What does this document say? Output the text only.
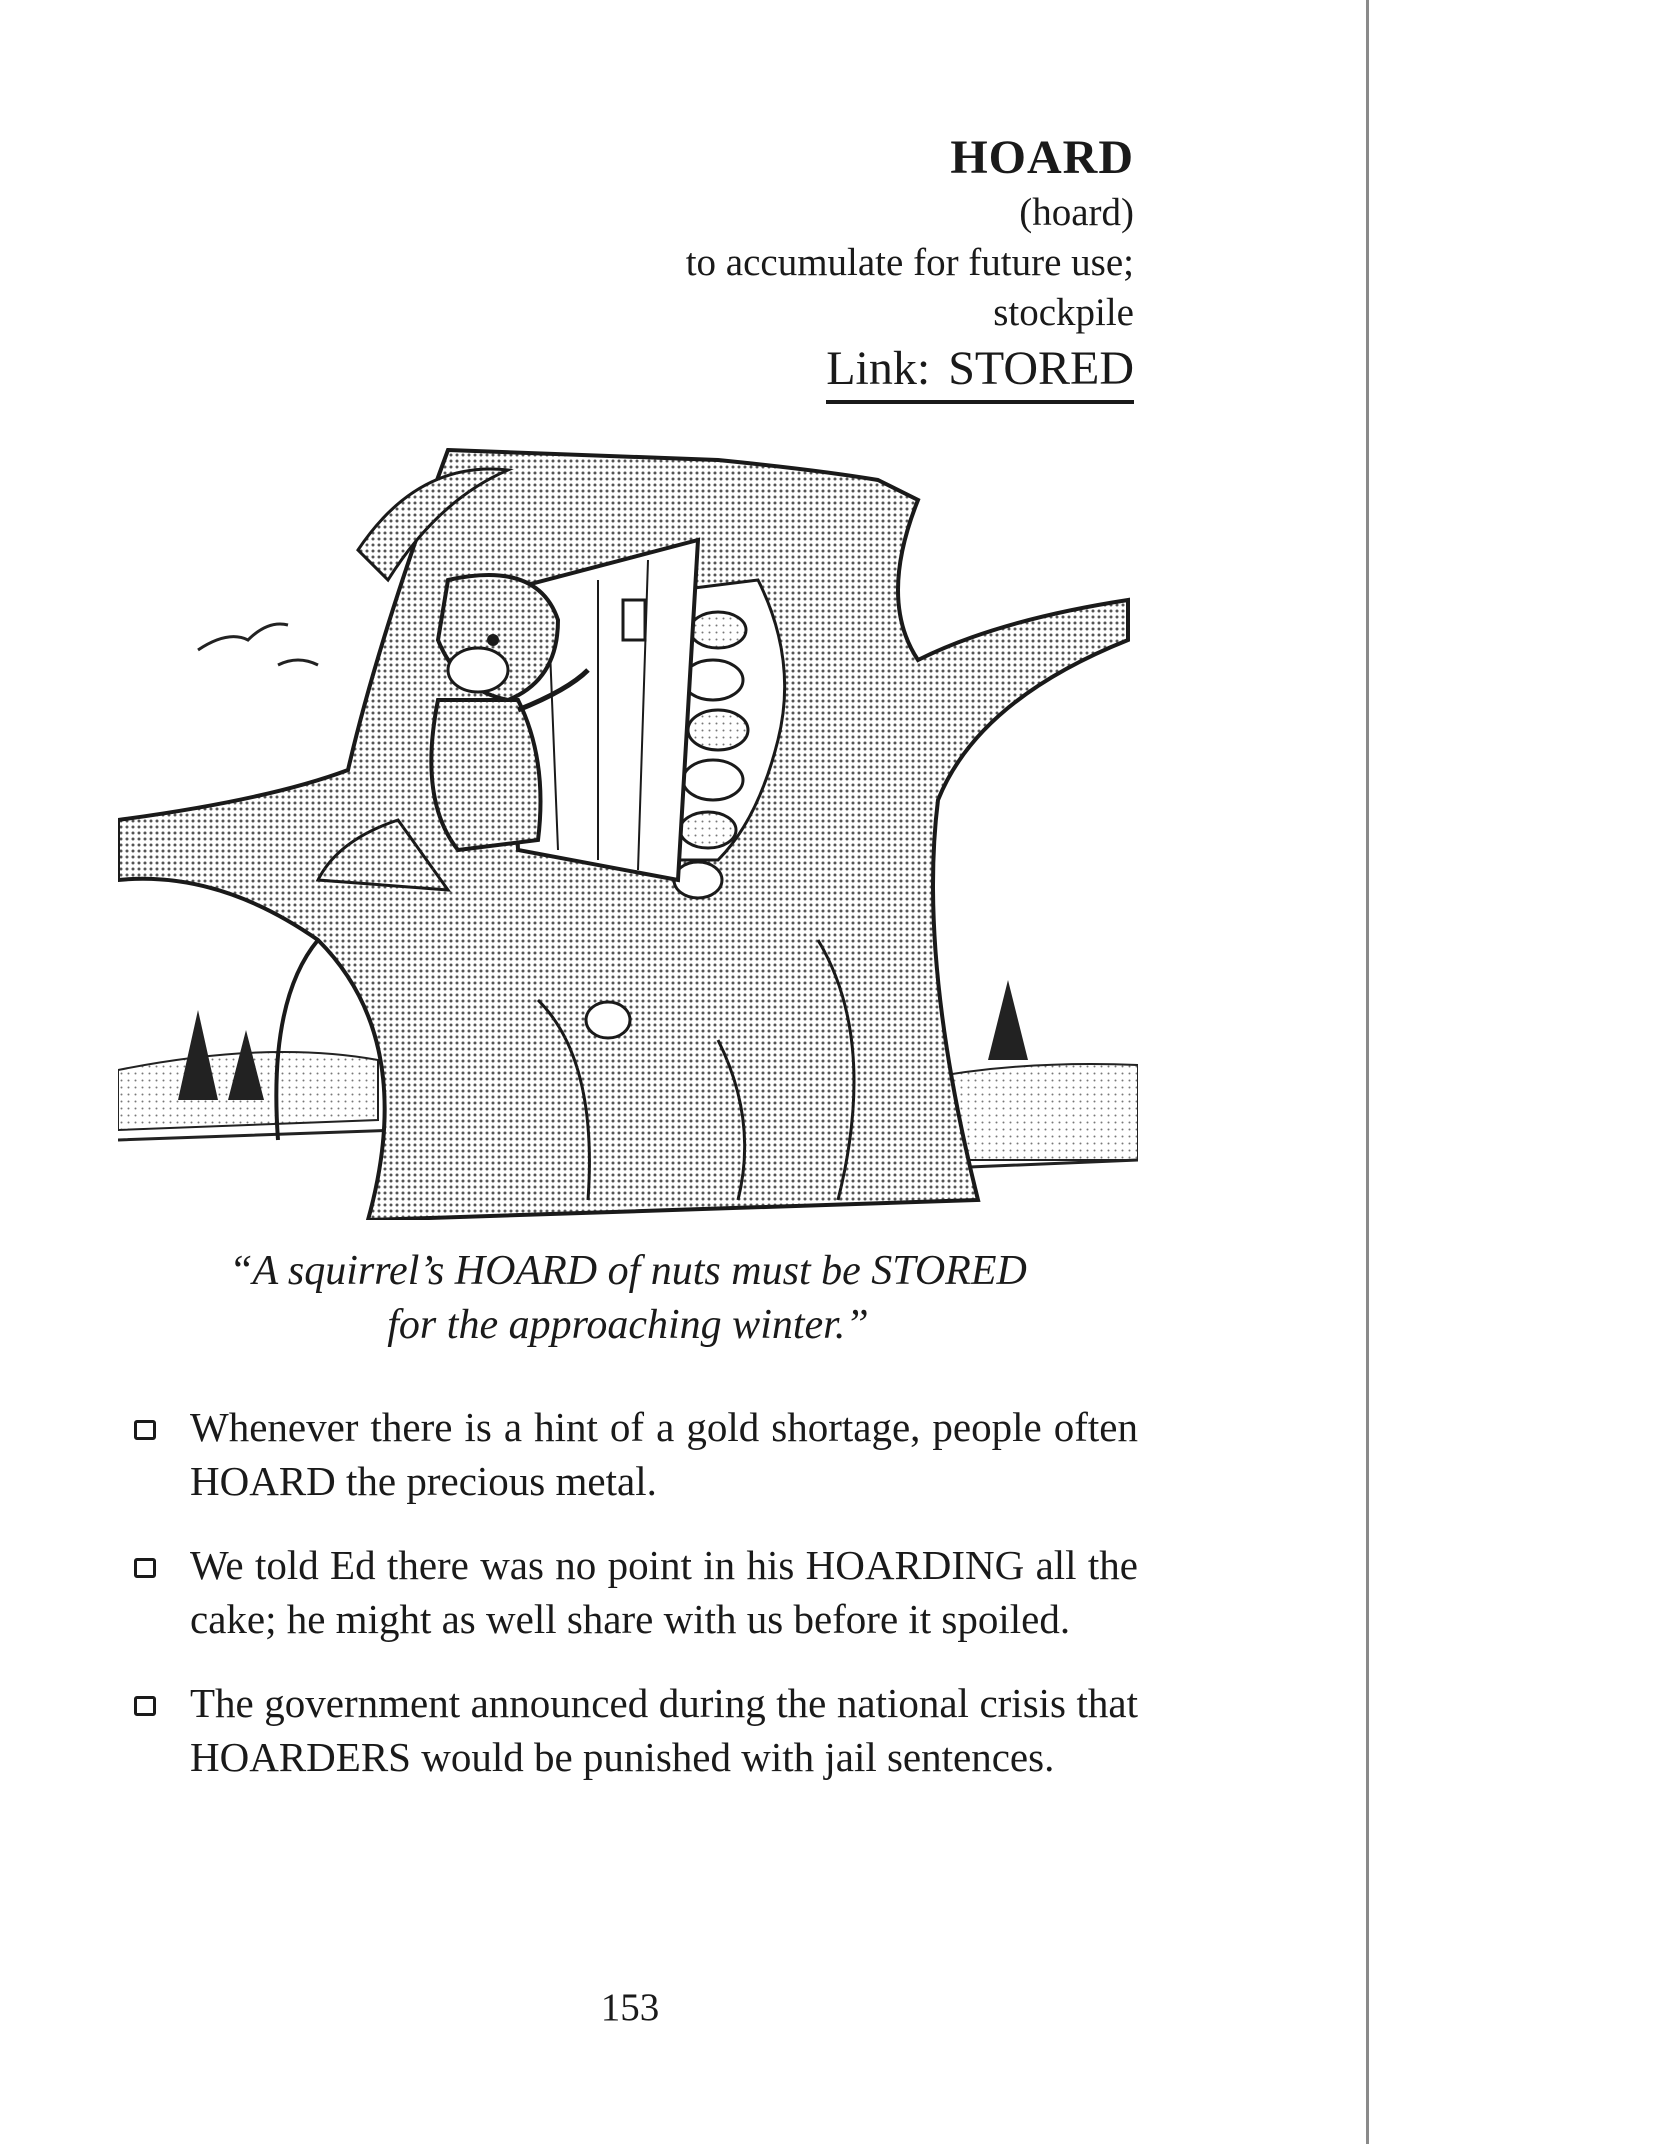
HOARD
(hoard)
to accumulate for future use;
stockpile
Link: STORED
“A squirrel’s HOARD of nuts must be STORED
for the approaching winter.”
Whenever there is a hint of a gold shortage, people often HOARD the precious metal.
We told Ed there was no point in his HOARDING all the cake; he might as well share with us before it spoiled.
The government announced during the national crisis that HOARDERS would be punished with jail sentences.
153
